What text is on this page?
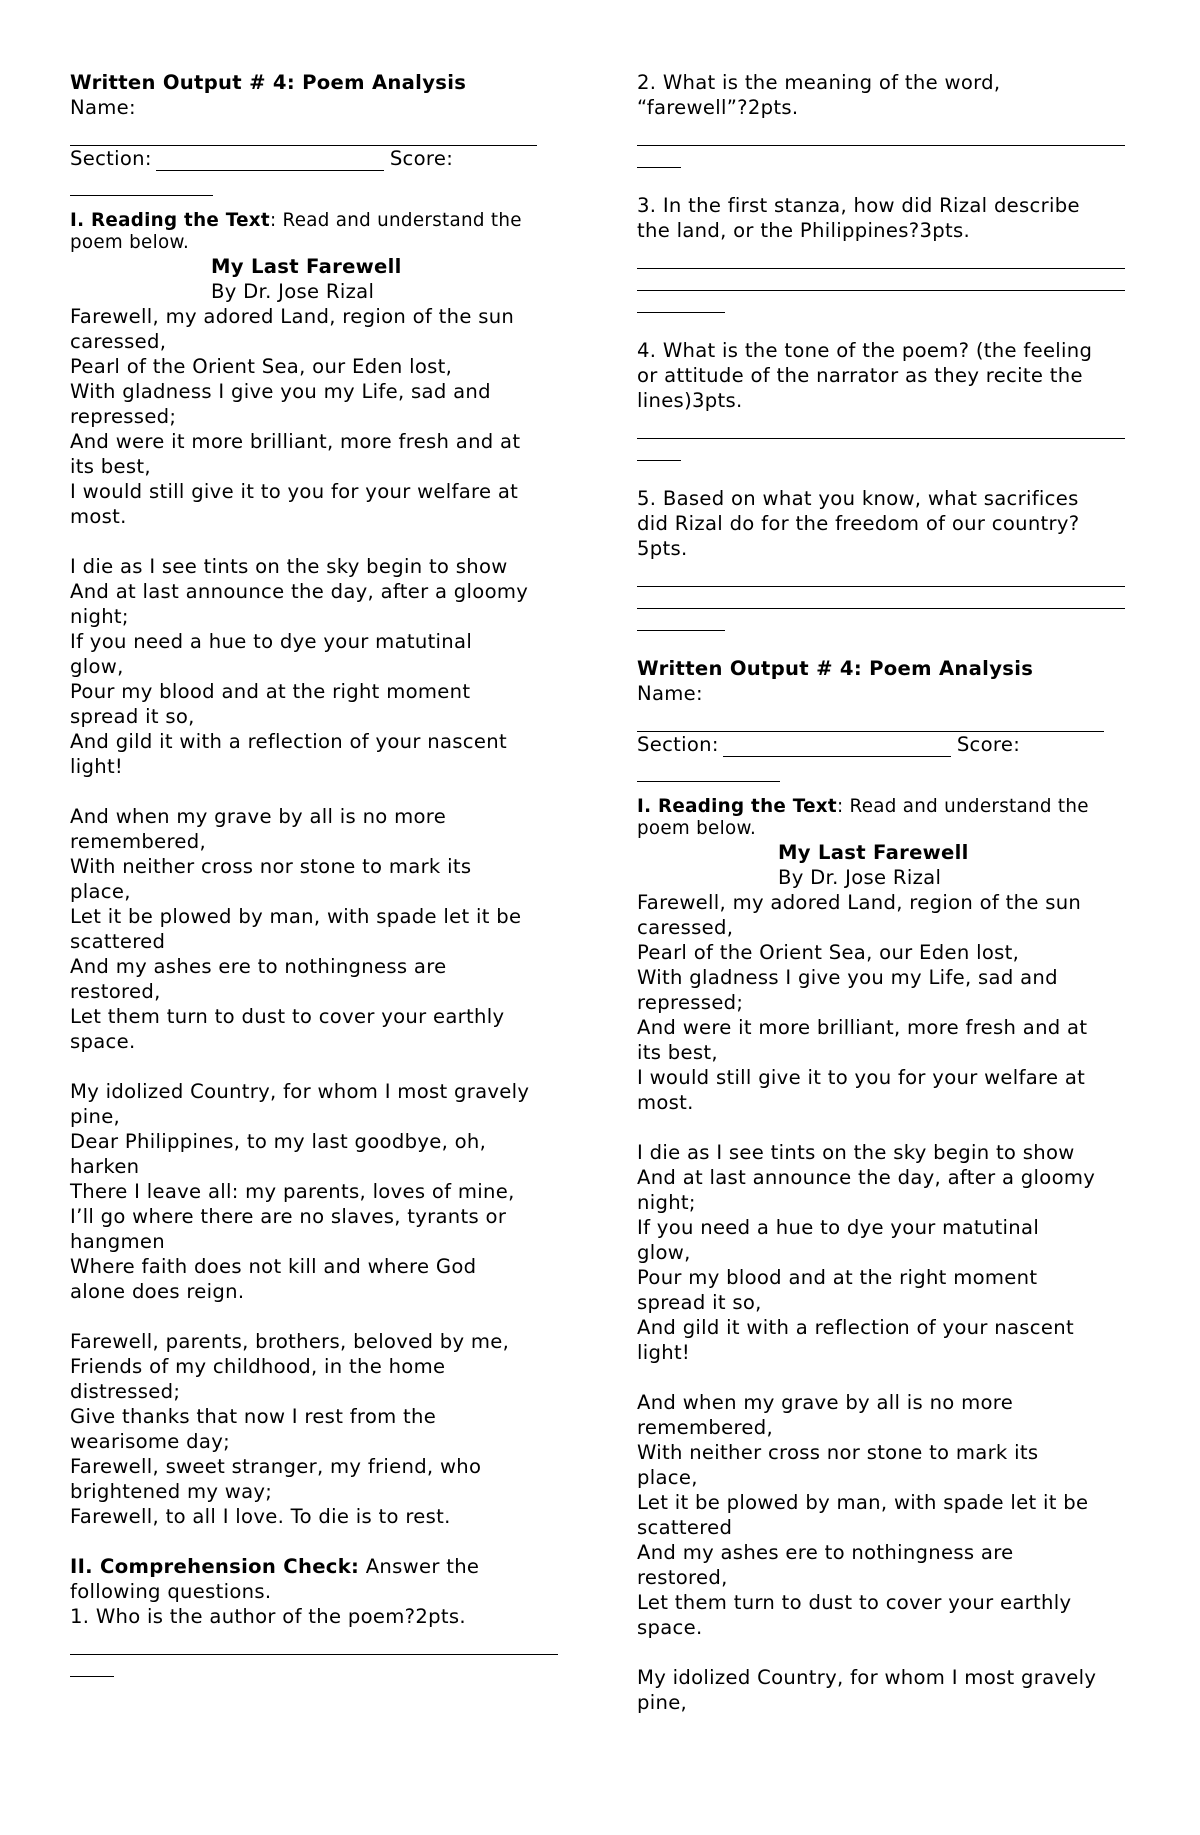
Written Output # 4: Poem Analysis
Name:
Section:	Score:
I. Reading the Text: Read and understand the poem below.
My Last Farewell
By Dr. Jose Rizal
Farewell, my adored Land, region of the sun
caressed,
Pearl of the Orient Sea, our Eden lost,
With gladness I give you my Life, sad and
repressed;
And were it more brilliant, more fresh and at
its best,
I would still give it to you for your welfare at
most.
I die as I see tints on the sky begin to show
And at last announce the day, after a gloomy
night;
If you need a hue to dye your matutinal
glow,
Pour my blood and at the right moment
spread it so,
And gild it with a reflection of your nascent
light!
And when my grave by all is no more
remembered,
With neither cross nor stone to mark its
place,
Let it be plowed by man, with spade let it be
scattered
And my ashes ere to nothingness are
restored,
Let them turn to dust to cover your earthly
space.
My idolized Country, for whom I most gravely
pine,
Dear Philippines, to my last goodbye, oh,
harken
There I leave all: my parents, loves of mine,
I’ll go where there are no slaves, tyrants or
hangmen
Where faith does not kill and where God
alone does reign.
Farewell, parents, brothers, beloved by me,
Friends of my childhood, in the home
distressed;
Give thanks that now I rest from the
wearisome day;
Farewell, sweet stranger, my friend, who
brightened my way;
Farewell, to all I love. To die is to rest.
II. Comprehension Check: Answer the
following questions.
1. Who is the author of the poem?2pts.
2. What is the meaning of the word,
“farewell”?2pts.
3. In the first stanza, how did Rizal describe
the land, or the Philippines?3pts.
4. What is the tone of the poem? (the feeling
or attitude of the narrator as they recite the
lines)3pts.
5. Based on what you know, what sacrifices
did Rizal do for the freedom of our country?
5pts.
Written Output # 4: Poem Analysis
Name:
Section:	Score:
I. Reading the Text: Read and understand the poem below.
My Last Farewell
By Dr. Jose Rizal
Farewell, my adored Land, region of the sun
caressed,
Pearl of the Orient Sea, our Eden lost,
With gladness I give you my Life, sad and
repressed;
And were it more brilliant, more fresh and at
its best,
I would still give it to you for your welfare at
most.
I die as I see tints on the sky begin to show
And at last announce the day, after a gloomy
night;
If you need a hue to dye your matutinal
glow,
Pour my blood and at the right moment
spread it so,
And gild it with a reflection of your nascent
light!
And when my grave by all is no more
remembered,
With neither cross nor stone to mark its
place,
Let it be plowed by man, with spade let it be
scattered
And my ashes ere to nothingness are
restored,
Let them turn to dust to cover your earthly
space.
My idolized Country, for whom I most gravely
pine,
